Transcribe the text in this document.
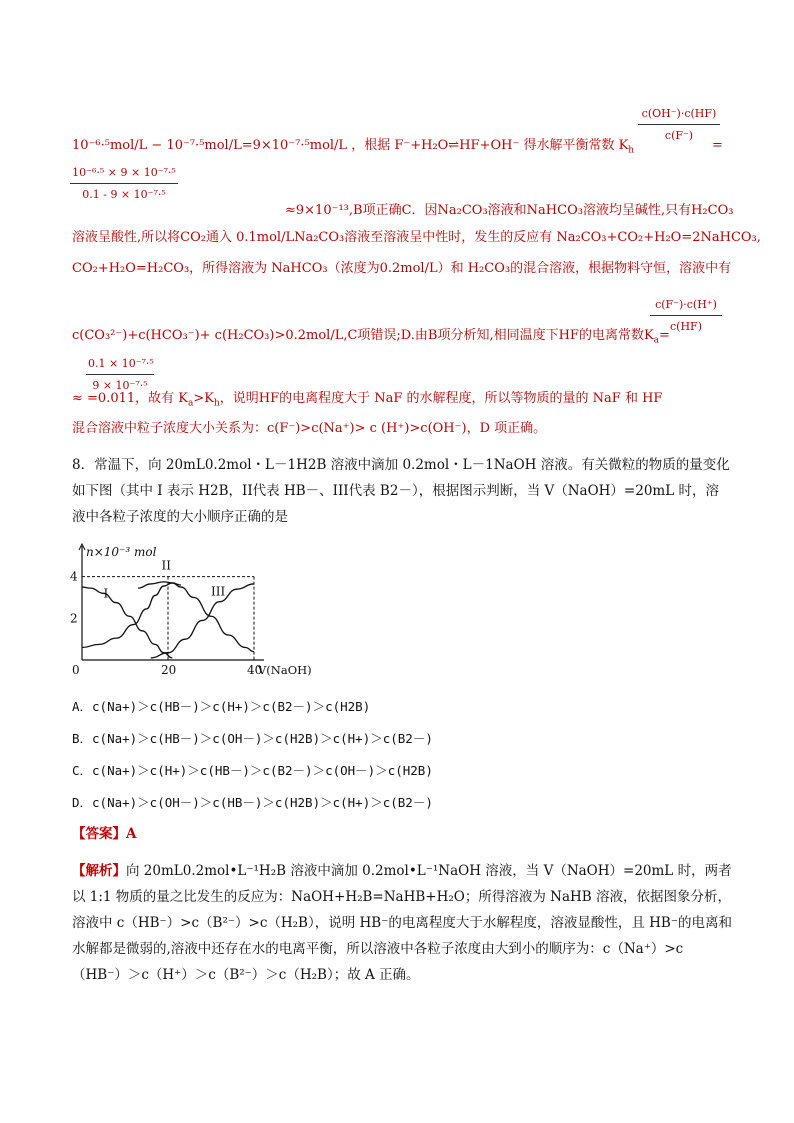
c(OH⁻)·c(HF)
c(F⁻)
10⁻⁶·⁵mol/L − 10⁻⁷·⁵mol/L=9×10⁻⁷·⁵mol/L ，根据 F⁻+H₂O⇌HF+OH⁻ 得水解平衡常数 $K_h$	=
10⁻⁶·⁵ × 9 × 10⁻⁷·⁵
0.1 - 9 × 10⁻⁷·⁵
≈9×10⁻¹³,B项正确C．因Na₂CO₃溶液和NaHCO₃溶液均呈碱性,只有H₂CO₃
溶液呈酸性,所以将CO₂通入 0.1mol/LNa₂CO₃溶液至溶液呈中性时，发生的反应有 Na₂CO₃+CO₂+H₂O=2NaHCO₃,
CO₂+H₂O=H₂CO₃，所得溶液为 NaHCO₃（浓度为0.2mol/L）和 H₂CO₃的混合溶液，根据物料守恒，溶液中有
c(F⁻)·c(H⁺)
c(HF)
c(CO₃²⁻)+c(HCO₃⁻)+ c(H₂CO₃)>0.2mol/L,C项错误;D.由B项分析知,相同温度下HF的电离常数$K_a=$
0.1 × 10⁻⁷·⁵
9 × 10⁻⁷·⁵
≈ =0.011，故有 $K_a>K_h$，说明HF的电离程度大于 NaF 的水解程度，所以等物质的量的 NaF 和 HF
混合溶液中粒子浓度大小关系为：c(F⁻)>c(Na⁺)> c (H⁺)>c(OH⁻)，D 项正确。
8．常温下，向 20mL0.2mol・L－1H2B 溶液中滴加 0.2mol・L－1NaOH 溶液。有关微粒的物质的量变化如下图（其中 I 表示 H2B，II代表 HB－、III代表 B2－），根据图示判断，当 V（NaOH）=20mL 时，溶液中各粒子浓度的大小顺序正确的是
I
II
III
2
4
0	20	40
n×10⁻³ mol
V(NaOH)
A．c(Na+)＞c(HB－)＞c(H+)＞c(B2－)＞c(H2B)
B．c(Na+)＞c(HB－)＞c(OH－)＞c(H2B)＞c(H+)＞c(B2－)
C．c(Na+)＞c(H+)＞c(HB－)＞c(B2－)＞c(OH－)＞c(H2B)
D．c(Na+)＞c(OH－)＞c(HB－)＞c(H2B)＞c(H+)＞c(B2－)
【答案】A
【解析】向 20mL0.2mol•L⁻¹H₂B 溶液中滴加 0.2mol•L⁻¹NaOH 溶液，当 V（NaOH）=20mL 时，两者以 1:1 物质的量之比发生的反应为：NaOH+H₂B=NaHB+H₂O；所得溶液为 NaHB 溶液，依据图象分析，溶液中 c（HB⁻）>c（B²⁻）>c（H₂B），说明 HB⁻的电离程度大于水解程度，溶液显酸性，且 HB⁻的电离和水解都是微弱的,溶液中还存在水的电离平衡，所以溶液中各粒子浓度由大到小的顺序为：c（Na⁺）>c（HB⁻）＞c（H⁺）＞c（B²⁻）＞c（H₂B）；故 A 正确。
